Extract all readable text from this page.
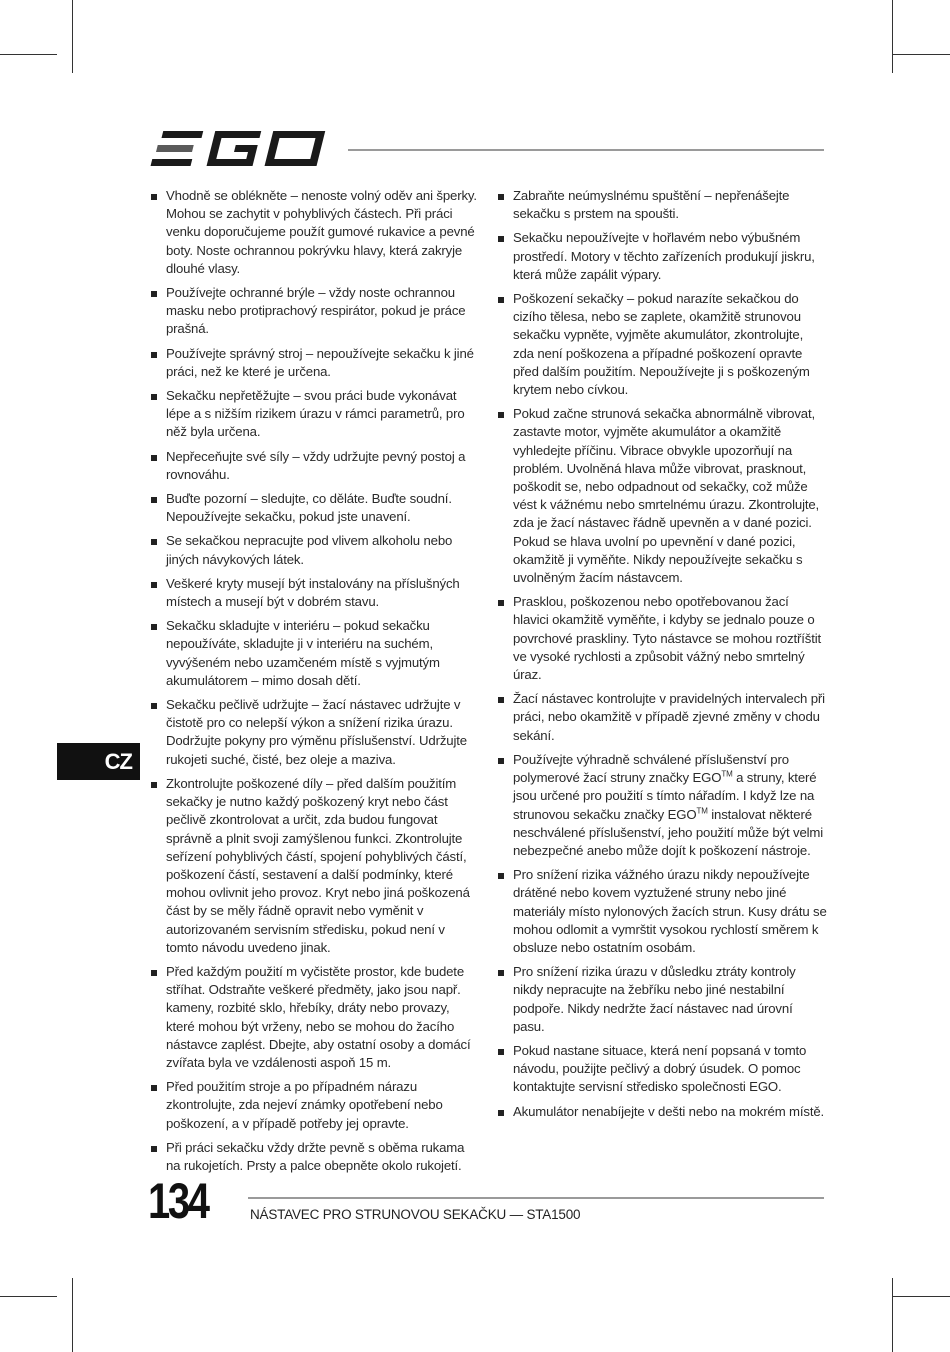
Vhodně se oblékněte – nenoste volný oděv ani šperky. Mohou se zachytit v pohyblivých částech. Při práci venku doporučujeme použít gumové rukavice a pevné boty. Noste ochrannou pokrývku hlavy, která zakryje dlouhé vlasy.
Používejte ochranné brýle – vždy noste ochrannou masku nebo protiprachový respirátor, pokud je práce prašná.
Používejte správný stroj – nepoužívejte sekačku k jiné práci, než ke které je určena.
Sekačku nepřetěžujte – svou práci bude vykonávat lépe a s nižším rizikem úrazu v rámci parametrů, pro něž byla určena.
Nepřeceňujte své síly – vždy udržujte pevný postoj a rovnováhu.
Buďte pozorní – sledujte, co děláte. Buďte soudní. Nepoužívejte sekačku, pokud jste unavení.
Se sekačkou nepracujte pod vlivem alkoholu nebo jiných návykových látek.
Veškeré kryty musejí být instalovány na příslušných místech a musejí být v dobrém stavu.
Sekačku skladujte v interiéru – pokud sekačku nepoužíváte, skladujte ji v interiéru na suchém, vyvýšeném nebo uzamčeném místě s vyjmutým akumulátorem – mimo dosah dětí.
Sekačku pečlivě udržujte – žací nástavec udržujte v čistotě pro co nelepší výkon a snížení rizika úrazu. Dodržujte pokyny pro výměnu příslušenství. Udržujte rukojeti suché, čisté, bez oleje a maziva.
Zkontrolujte poškozené díly – před dalším použitím sekačky je nutno každý poškozený kryt nebo část pečlivě zkontrolovat a určit, zda budou fungovat správně a plnit svoji zamýšlenou funkci. Zkontrolujte seřízení pohyblivých částí, spojení pohyblivých částí, poškození částí, sestavení a další podmínky, které mohou ovlivnit jeho provoz. Kryt nebo jiná poškozená část by se měly řádně opravit nebo vyměnit v autorizovaném servisním středisku, pokud není v tomto návodu uvedeno jinak.
Před každým použití m vyčistěte prostor, kde budete stříhat. Odstraňte veškeré předměty, jako jsou např. kameny, rozbité sklo, hřebíky, dráty nebo provazy, které mohou být vrženy, nebo se mohou do žacího nástavce zaplést. Dbejte, aby ostatní osoby a domácí zvířata byla ve vzdálenosti aspoň 15 m.
Před použitím stroje a po případném nárazu zkontrolujte, zda nejeví známky opotřebení nebo poškození, a v případě potřeby jej opravte.
Při práci sekačku vždy držte pevně s oběma rukama na rukojetích. Prsty a palce obepněte okolo rukojetí.
Zabraňte neúmyslnému spuštění – nepřenášejte sekačku s prstem na spoušti.
Sekačku nepoužívejte v hořlavém nebo výbušném prostředí. Motory v těchto zařízeních produkují jiskru, která může zapálit výpary.
Poškození sekačky – pokud narazíte sekačkou do cizího tělesa, nebo se zaplete, okamžitě strunovou sekačku vypněte, vyjměte akumulátor, zkontrolujte, zda není poškozena a případné poškození opravte před dalším použitím. Nepoužívejte ji s poškozeným krytem nebo cívkou.
Pokud začne strunová sekačka abnormálně vibrovat, zastavte motor, vyjměte akumulátor a okamžitě vyhledejte příčinu. Vibrace obvykle upozorňují na problém. Uvolněná hlava může vibrovat, prasknout, poškodit se, nebo odpadnout od sekačky, což může vést k vážnému nebo smrtelnému úrazu. Zkontrolujte, zda je žací nástavec řádně upevněn a v dané pozici. Pokud se hlava uvolní po upevnění v dané pozici, okamžitě ji vyměňte. Nikdy nepoužívejte sekačku s uvolněným žacím nástavcem.
Prasklou, poškozenou nebo opotřebovanou žací hlavici okamžitě vyměňte, i kdyby se jednalo pouze o povrchové praskliny. Tyto nástavce se mohou roztříštit ve vysoké rychlosti a způsobit vážný nebo smrtelný úraz.
Žací nástavec kontrolujte v pravidelných intervalech při práci, nebo okamžitě v případě zjevné změny v chodu sekání.
Používejte výhradně schválené příslušenství pro polymerové žací struny značky EGO™ a struny, které jsou určené pro použití s tímto nářadím. I když lze na strunovou sekačku značky EGO™ instalovat některé neschválené příslušenství, jeho použití může být velmi nebezpečné anebo může dojít k poškození nástroje.
Pro snížení rizika vážného úrazu nikdy nepoužívejte drátěné nebo kovem vyztužené struny nebo jiné materiály místo nylonových žacích strun. Kusy drátu se mohou odlomit a vymrštit vysokou rychlostí směrem k obsluze nebo ostatním osobám.
Pro snížení rizika úrazu v důsledku ztráty kontroly nikdy nepracujte na žebříku nebo jiné nestabilní podpoře. Nikdy nedržte žací nástavec nad úrovní pasu.
Pokud nastane situace, která není popsaná v tomto návodu, použijte pečlivý a dobrý úsudek. O pomoc kontaktujte servisní středisko společnosti EGO.
Akumulátor nenabíjejte v dešti nebo na mokrém místě.
CZ
134	NÁSTAVEC PRO STRUNOVOU SEKAČKU — STA1500
